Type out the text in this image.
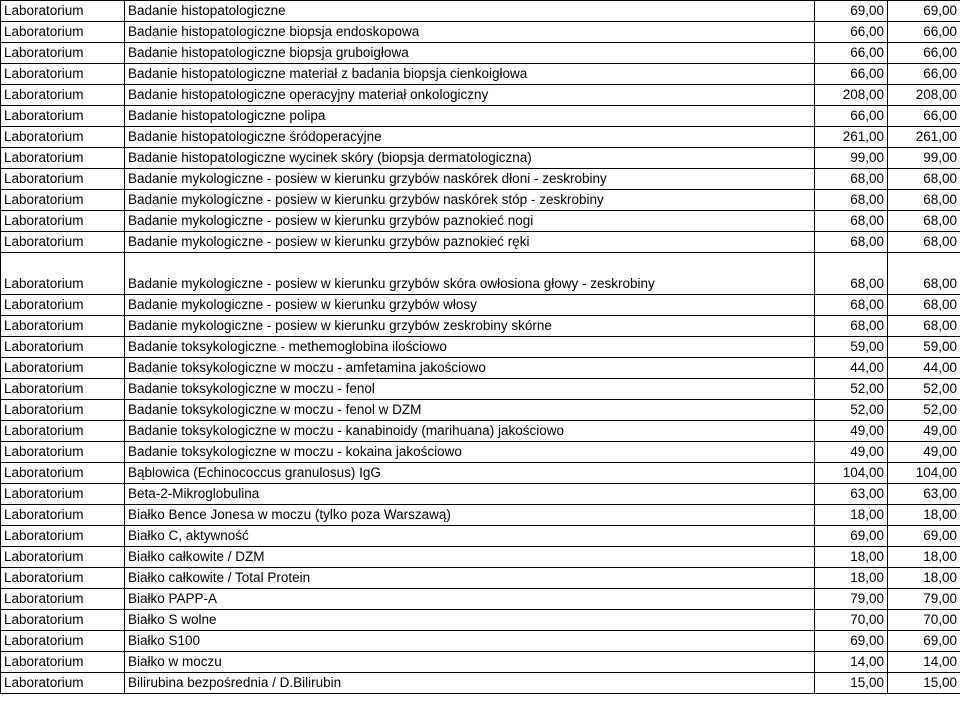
Laboratorium	Badanie histopatologiczne	69,00	69,00
Laboratorium	Badanie histopatologiczne biopsja endoskopowa	66,00	66,00
Laboratorium	Badanie histopatologiczne biopsja gruboigłowa	66,00	66,00
Laboratorium	Badanie histopatologiczne materiał z badania biopsja cienkoigłowa	66,00	66,00
Laboratorium	Badanie histopatologiczne operacyjny materiał onkologiczny	208,00	208,00
Laboratorium	Badanie histopatologiczne polipa	66,00	66,00
Laboratorium	Badanie histopatologiczne śródoperacyjne	261,00	261,00
Laboratorium	Badanie histopatologiczne wycinek skóry (biopsja dermatologiczna)	99,00	99,00
Laboratorium	Badanie mykologiczne - posiew w kierunku grzybów naskórek dłoni - zeskrobiny	68,00	68,00
Laboratorium	Badanie mykologiczne - posiew w kierunku grzybów naskórek stóp - zeskrobiny	68,00	68,00
Laboratorium	Badanie mykologiczne - posiew w kierunku grzybów paznokieć nogi	68,00	68,00
Laboratorium	Badanie mykologiczne - posiew w kierunku grzybów paznokieć ręki	68,00	68,00
Laboratorium	Badanie mykologiczne - posiew w kierunku grzybów skóra owłosiona głowy - zeskrobiny	68,00	68,00
Laboratorium	Badanie mykologiczne - posiew w kierunku grzybów włosy	68,00	68,00
Laboratorium	Badanie mykologiczne - posiew w kierunku grzybów zeskrobiny skórne	68,00	68,00
Laboratorium	Badanie toksykologiczne - methemoglobina ilościowo	59,00	59,00
Laboratorium	Badanie toksykologiczne w moczu - amfetamina jakościowo	44,00	44,00
Laboratorium	Badanie toksykologiczne w moczu - fenol	52,00	52,00
Laboratorium	Badanie toksykologiczne w moczu - fenol w DZM	52,00	52,00
Laboratorium	Badanie toksykologiczne w moczu - kanabinoidy (marihuana) jakościowo	49,00	49,00
Laboratorium	Badanie toksykologiczne w moczu - kokaina jakościowo	49,00	49,00
Laboratorium	Bąblowica (Echinococcus granulosus) IgG	104,00	104,00
Laboratorium	Beta-2-Mikroglobulina	63,00	63,00
Laboratorium	Białko Bence Jonesa w moczu (tylko poza Warszawą)	18,00	18,00
Laboratorium	Białko C, aktywność	69,00	69,00
Laboratorium	Białko całkowite / DZM	18,00	18,00
Laboratorium	Białko całkowite / Total Protein	18,00	18,00
Laboratorium	Białko PAPP-A	79,00	79,00
Laboratorium	Białko S wolne	70,00	70,00
Laboratorium	Białko S100	69,00	69,00
Laboratorium	Białko w moczu	14,00	14,00
Laboratorium	Bilirubina bezpośrednia / D.Bilirubin	15,00	15,00
